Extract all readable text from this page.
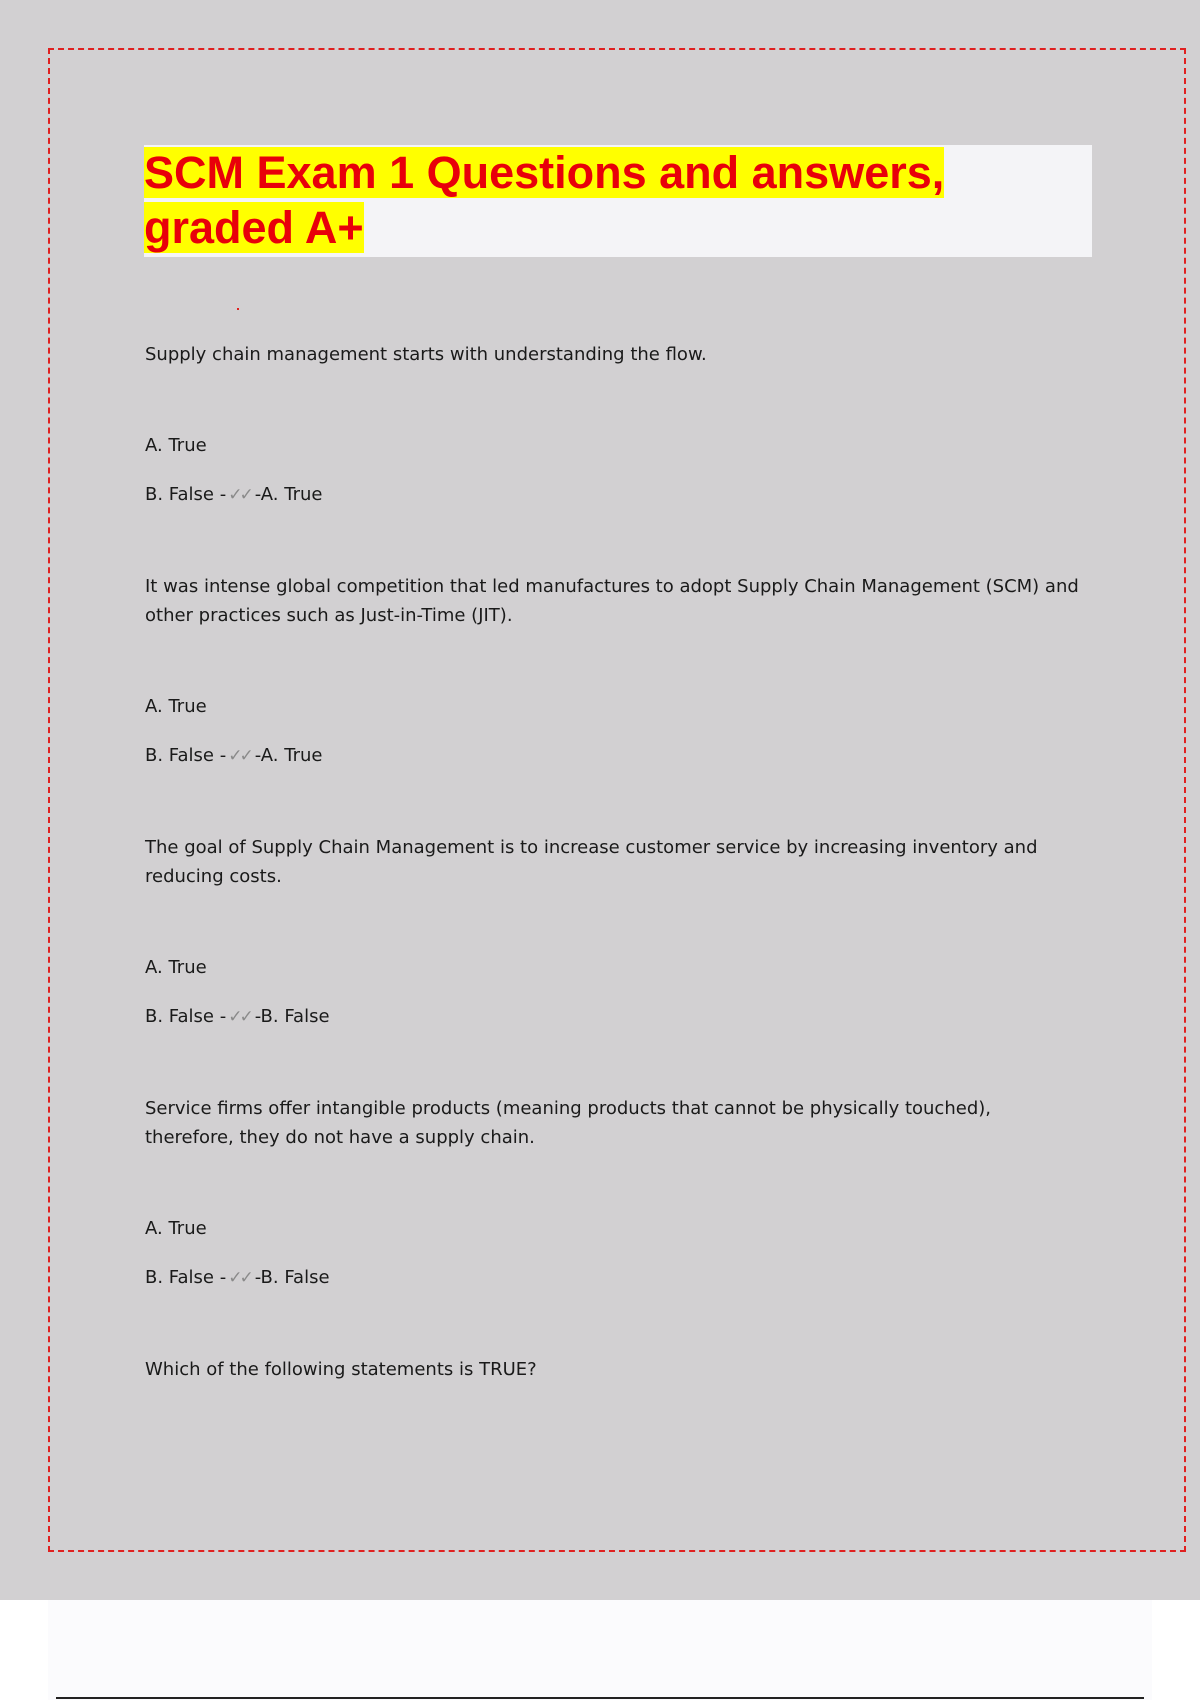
SCM Exam 1 Questions and answers,
graded A+

Supply chain management starts with understanding the flow.

A. True

B. False - ✓✓ -A. True

It was intense global competition that led manufactures to adopt Supply Chain Management (SCM) and other practices such as Just-in-Time (JIT).

A. True

B. False - ✓✓ -A. True

The goal of Supply Chain Management is to increase customer service by increasing inventory and reducing costs.

A. True

B. False - ✓✓ -B. False

Service firms offer intangible products (meaning products that cannot be physically touched), therefore, they do not have a supply chain.

A. True

B. False - ✓✓ -B. False

Which of the following statements is TRUE?
